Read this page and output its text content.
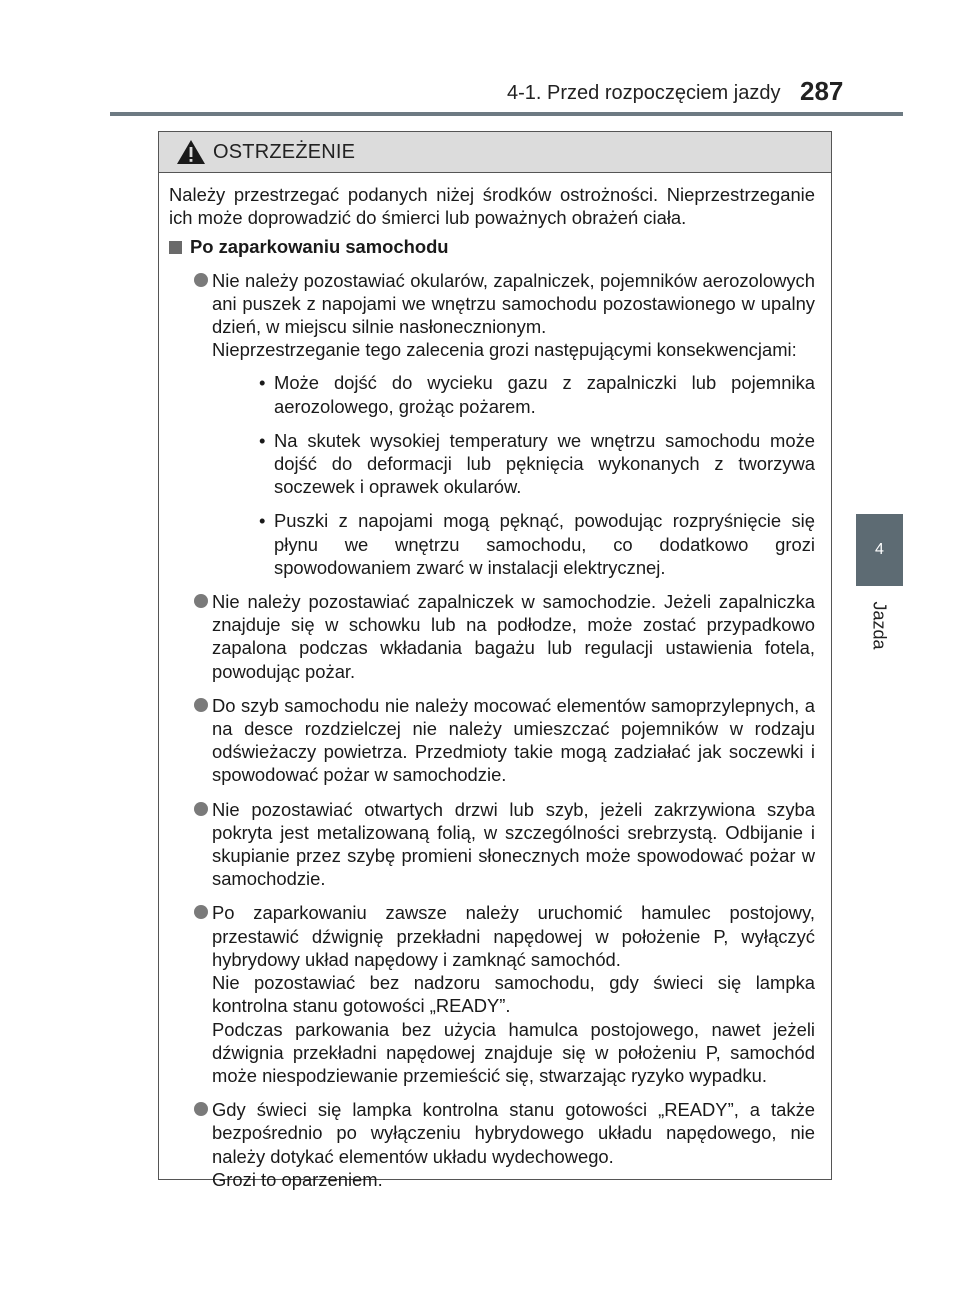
4-1. Przed rozpoczęciem jazdy 287
4
Jazda
OSTRZEŻENIE

Należy przestrzegać podanych niżej środków ostrożności. Nieprzestrzeganie ich może doprowadzić do śmierci lub poważnych obrażeń ciała.

Po zaparkowaniu samochodu
Nie należy pozostawiać okularów, zapalniczek, pojemników aerozolowych ani puszek z napojami we wnętrzu samochodu pozostawionego w upalny dzień, w miejscu silnie nasłonecznionym.
Nieprzestrzeganie tego zalecenia grozi następującymi konsekwencjami:
• Może dojść do wycieku gazu z zapalniczki lub pojemnika aerozolowego, grożąc pożarem.
• Na skutek wysokiej temperatury we wnętrzu samochodu może dojść do deformacji lub pęknięcia wykonanych z tworzywa soczewek i oprawek okularów.
• Puszki z napojami mogą pęknąć, powodując rozpryśnięcie się płynu we wnętrzu samochodu, co dodatkowo grozi spowodowaniem zwarć w instalacji elektrycznej.
Nie należy pozostawiać zapalniczek w samochodzie. Jeżeli zapalniczka znajduje się w schowku lub na podłodze, może zostać przypadkowo zapalona podczas wkładania bagażu lub regulacji ustawienia fotela, powodując pożar.
Do szyb samochodu nie należy mocować elementów samoprzylepnych, a na desce rozdzielczej nie należy umieszczać pojemników w rodzaju odświeżaczy powietrza. Przedmioty takie mogą zadziałać jak soczewki i spowodować pożar w samochodzie.
Nie pozostawiać otwartych drzwi lub szyb, jeżeli zakrzywiona szyba pokryta jest metalizowaną folią, w szczególności srebrzystą. Odbijanie i skupianie przez szybę promieni słonecznych może spowodować pożar w samochodzie.
Po zaparkowaniu zawsze należy uruchomić hamulec postojowy, przestawić dźwignię przekładni napędowej w położenie P, wyłączyć hybrydowy układ napędowy i zamknąć samochód.
Nie pozostawiać bez nadzoru samochodu, gdy świeci się lampka kontrolna stanu gotowości „READY”.
Podczas parkowania bez użycia hamulca postojowego, nawet jeżeli dźwignia przekładni napędowej znajduje się w położeniu P, samochód może niespodziewanie przemieścić się, stwarzając ryzyko wypadku.
Gdy świeci się lampka kontrolna stanu gotowości „READY”, a także bezpośrednio po wyłączeniu hybrydowego układu napędowego, nie należy dotykać elementów układu wydechowego.
Grozi to oparzeniem.
